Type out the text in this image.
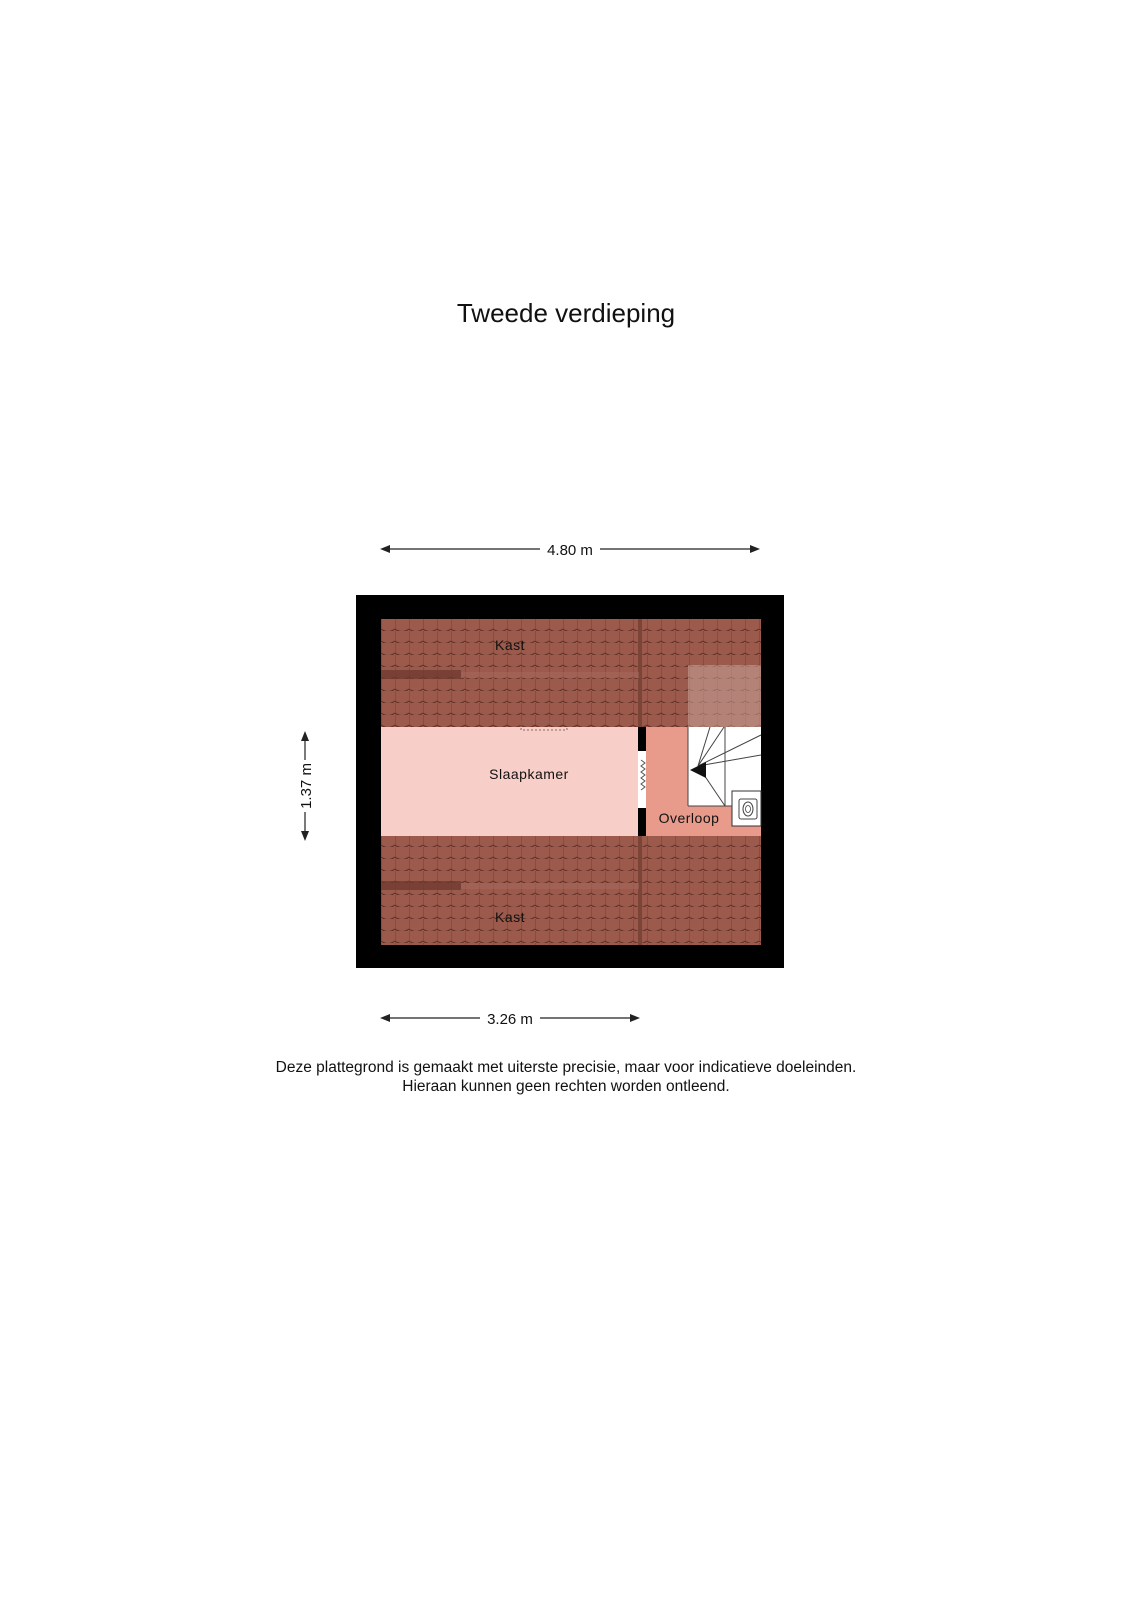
Tweede verdieping
4.80 m
1.37 m
Kast
Slaapkamer
Overloop
Kast
3.26 m
Deze plattegrond is gemaakt met uiterste precisie, maar voor indicatieve doeleinden.
Hieraan kunnen geen rechten worden ontleend.
